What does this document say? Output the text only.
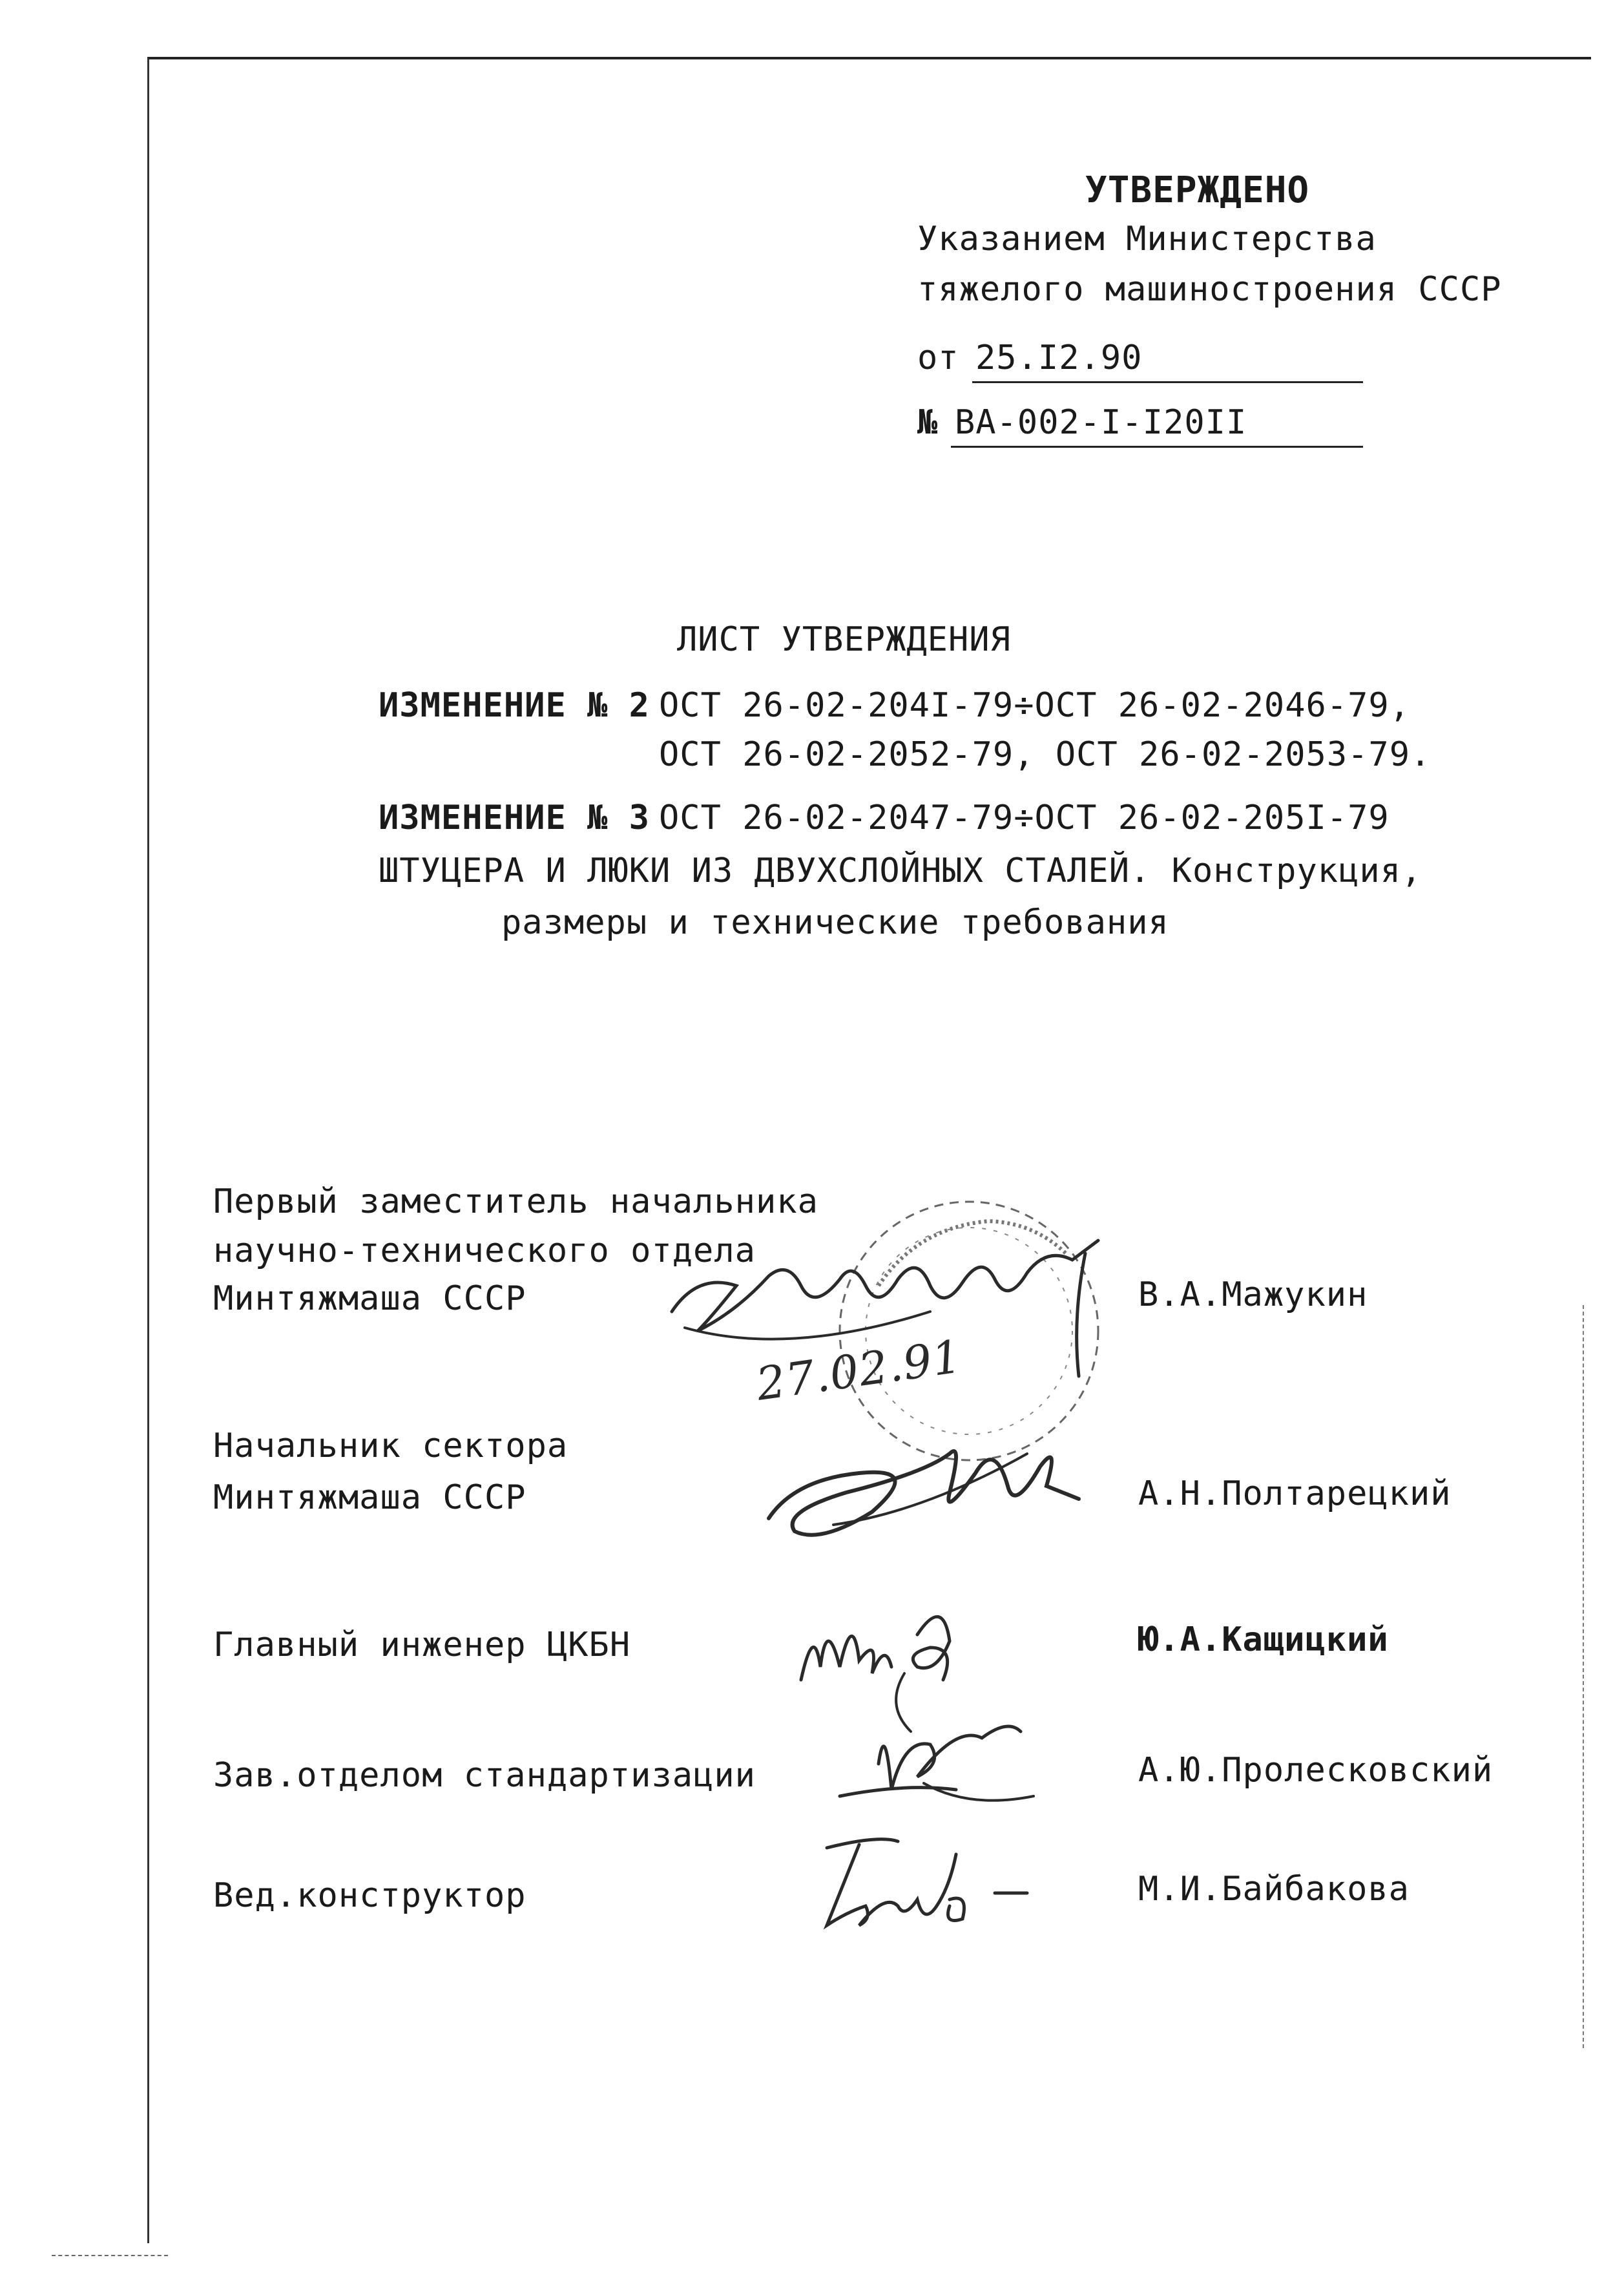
УТВЕРЖДЕНО
Указанием Министерства
тяжелого машиностроения СССР
от 25.I2.90
№ ВА-002-I-I20II
ЛИСТ УТВЕРЖДЕНИЯ
ИЗМЕНЕНИЕ № 2 ОСТ 26-02-204I-79÷ОСТ 26-02-2046-79,
ОСТ 26-02-2052-79, ОСТ 26-02-2053-79.
ИЗМЕНЕНИЕ № 3 ОСТ 26-02-2047-79÷ОСТ 26-02-205I-79
ШТУЦЕРА И ЛЮКИ ИЗ ДВУХСЛОЙНЫХ СТАЛЕЙ. Конструкция,
размеры и технические требования
Первый заместитель начальника
научно-технического отдела
Минтяжмаша СССР	В.А.Мажукин
27.02.91
Начальник сектора
Минтяжмаша СССР	А.Н.Полтарецкий
Главный инженер ЦКБН	Ю.А.Кащицкий
Зав.отделом стандартизации	А.Ю.Пролесковский
Вед.конструктор	М.И.Байбакова
